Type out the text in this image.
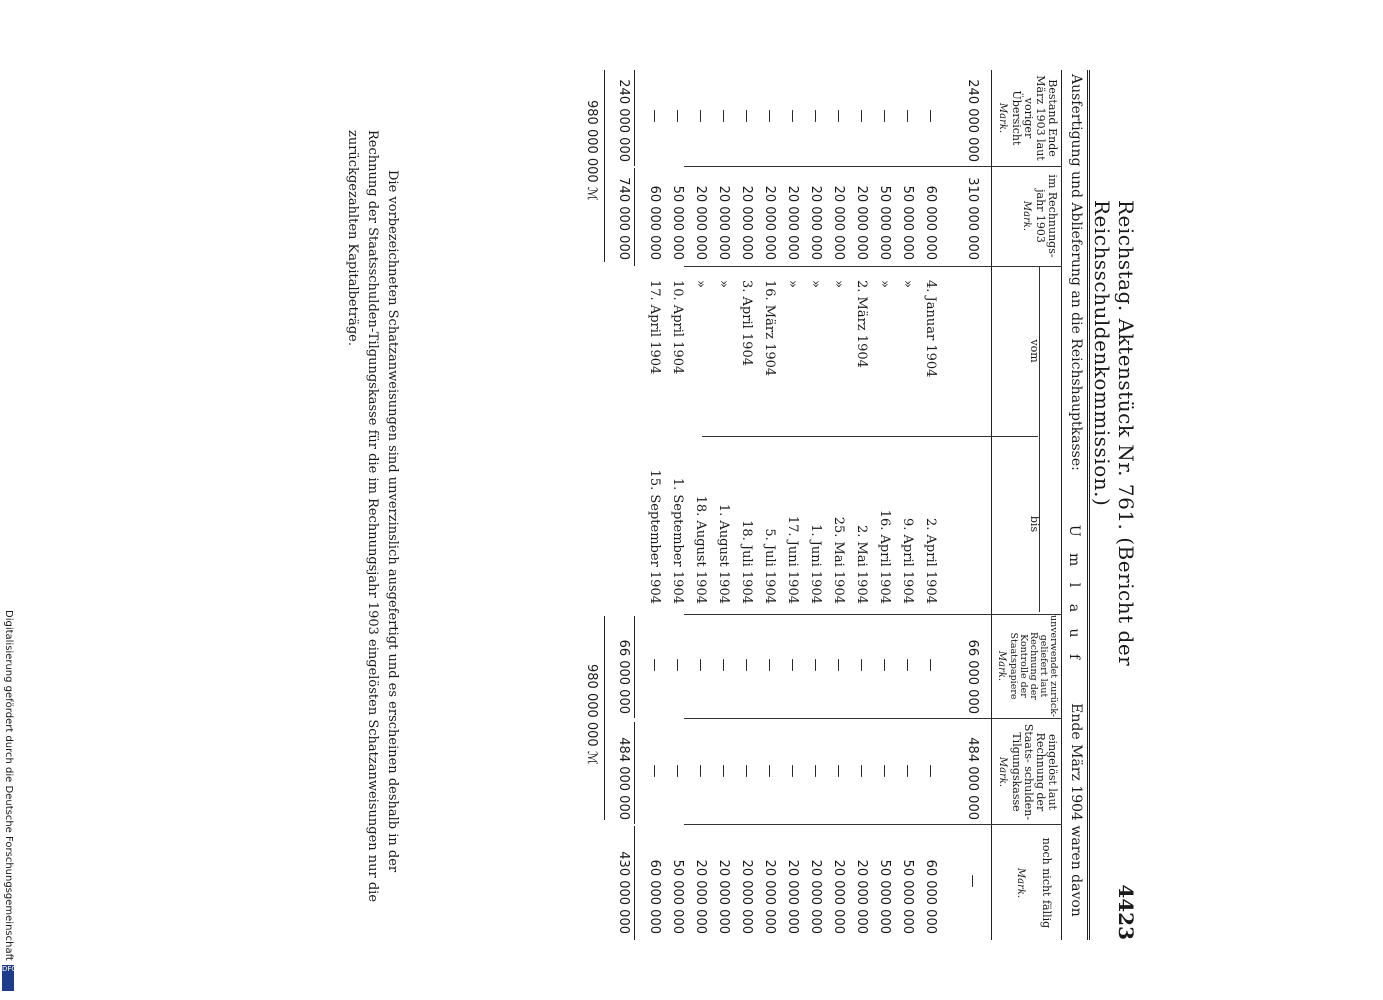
Reichstag. Aktenstück Nr. 761. (Bericht der Reichsschuldenkommission.)
4423
Ausfertigung und Ablieferung an die Reichshauptkasse:
U m l a u f
Ende März 1904 waren davon
Bestand Ende März 1903 laut voriger Übersicht
Mark.
im Rechnungs- jahr 1903
Mark.
vom
bis
unverwendet zurück- geliefert laut Rechnung der Kontrolle der Staatspapiere
Mark.
eingelöst laut Rechnung der Staats- schulden- Tilgungskasse
Mark.
noch nicht fällig
Mark.
240 000 000
310 000 000
66 000 000
484 000 000
—
—
60 000 000
4. Januar 1904
2. April 1904
—
—
60 000 000
—
50 000 000
»
9. April 1904
—
—
50 000 000
—
50 000 000
»
16. April 1904
—
—
50 000 000
—
20 000 000
2. März 1904
2. Mai 1904
—
—
20 000 000
—
20 000 000
»
25. Mai 1904
—
—
20 000 000
—
20 000 000
»
1. Juni 1904
—
—
20 000 000
—
20 000 000
»
17. Juni 1904
—
—
20 000 000
—
20 000 000
16. März 1904
5. Juli 1904
—
—
20 000 000
—
20 000 000
3. April 1904
18. Juli 1904
—
—
20 000 000
—
20 000 000
»
1. August 1904
—
—
20 000 000
—
20 000 000
»
18. August 1904
—
—
20 000 000
—
50 000 000
10. April 1904
1. September 1904
—
—
50 000 000
—
60 000 000
17. April 1904
15. September 1904
—
—
60 000 000
240 000 000
740 000 000
66 000 000
484 000 000
430 000 000
980 000 000 ℳ
980 000 000 ℳ
Die vorbezeichneten Schatzanweisungen sind unverzinslich ausgefertigt und es erscheinen deshalb in der Rechnung der Staatsschulden-Tilgungskasse für die im Rechnungsjahr 1903 eingelösten Schatzanweisungen nur die zurückgezahlten Kapitalbeträge.
Digitalisierung gefördert durch die Deutsche Forschungsgemeinschaft
DFG
